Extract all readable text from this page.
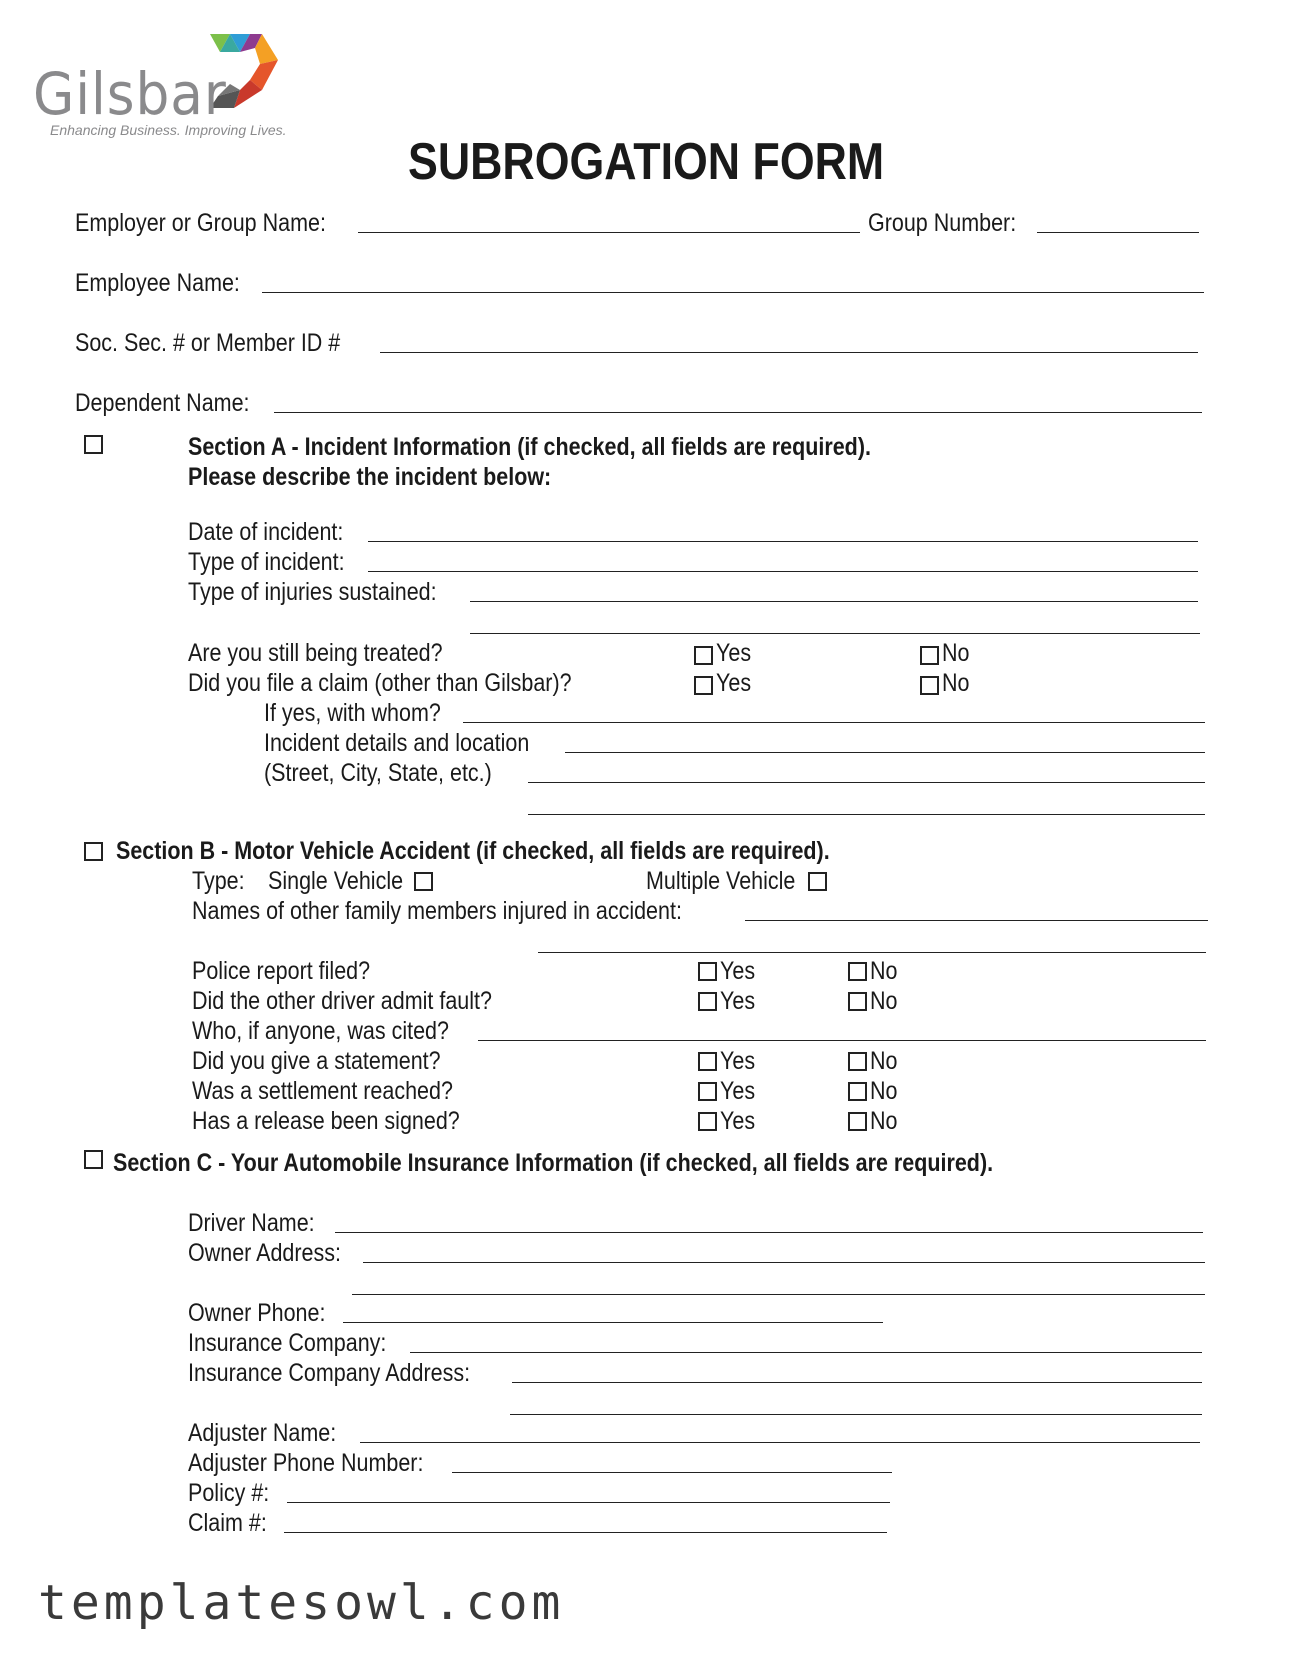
Gilsbar
Enhancing Business. Improving Lives.
SUBROGATION FORM
Employer or Group Name:	Group Number:
Employee Name:
Soc. Sec. # or Member ID #
Dependent Name:
Section A - Incident Information (if checked, all fields are required).
Please describe the incident below:
Date of incident:
Type of incident:
Type of injuries sustained:
Are you still being treated?	Yes	No
Did you file a claim (other than Gilsbar)?	Yes	No
If yes, with whom?
Incident details and location
(Street, City, State, etc.)
Section B - Motor Vehicle Accident (if checked, all fields are required).
Type: Single Vehicle	Multiple Vehicle
Names of other family members injured in accident:
Police report filed?	Yes	No
Did the other driver admit fault?	Yes	No
Who, if anyone, was cited?
Did you give a statement?	Yes	No
Was a settlement reached?	Yes	No
Has a release been signed?	Yes	No
Section C - Your Automobile Insurance Information (if checked, all fields are required).
Driver Name:
Owner Address:
Owner Phone:
Insurance Company:
Insurance Company Address:
Adjuster Name:
Adjuster Phone Number:
Policy #:
Claim #:
templatesowl.com
